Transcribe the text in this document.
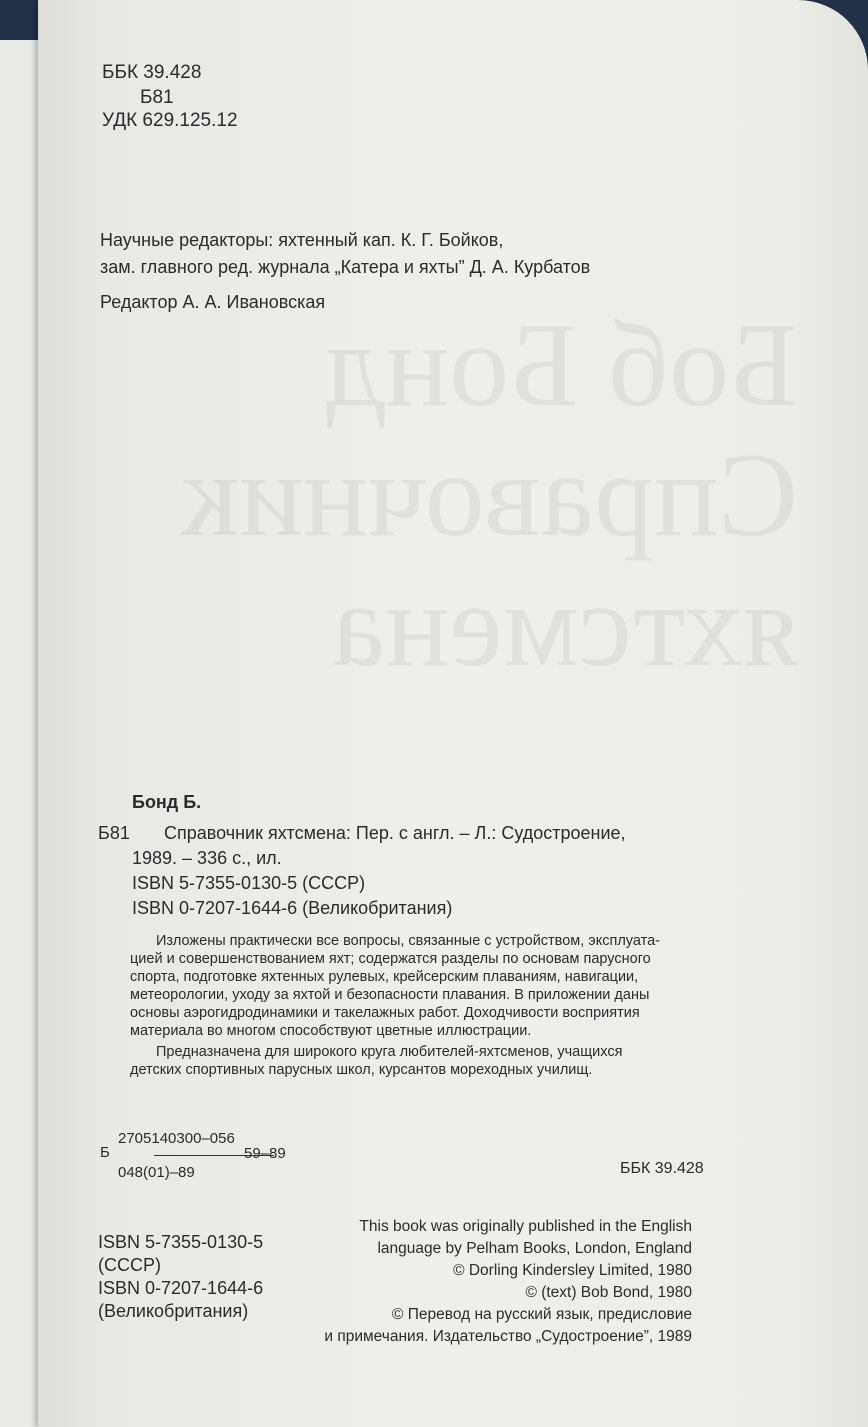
Боб Бонд
Справочник
яхтсмена
ББК 39.428
Б81
УДК 629.125.12
Научные редакторы: яхтенный кап. К. Г. Бойков,
зам. главного ред. журнала „Катера и яхты” Д. А. Курбатов
Редактор А. А. Ивановская
Бонд Б.
Б81 Справочник яхтсмена: Пер. с англ. – Л.: Судостроение,
1989. – 336 с., ил.
ISBN 5-7355-0130-5 (СССР)
ISBN 0-7207-1644-6 (Великобритания)
Изложены практически все вопросы, связанные с устройством, эксплуата-
цией и совершенствованием яхт; содержатся разделы по основам парусного
спорта, подготовке яхтенных рулевых, крейсерским плаваниям, навигации,
метеорологии, уходу за яхтой и безопасности плавания. В приложении даны
основы аэрогидродинамики и такелажных работ. Доходчивости восприятия
материала во многом способствуют цветные иллюстрации.
Предназначена для широкого круга любителей-яхтсменов, учащихся
детских спортивных парусных школ, курсантов мореходных училищ.
Б
2705140300–056
048(01)–89
59–89
ББК 39.428
ISBN 5-7355-0130-5
(СССР)
ISBN 0-7207-1644-6
(Великобритания)
This book was originally published in the English
language by Pelham Books, London, England
© Dorling Kindersley Limited, 1980
© (text) Bob Bond, 1980
© Перевод на русский язык, предисловие
и примечания. Издательство „Судостроение”, 1989
